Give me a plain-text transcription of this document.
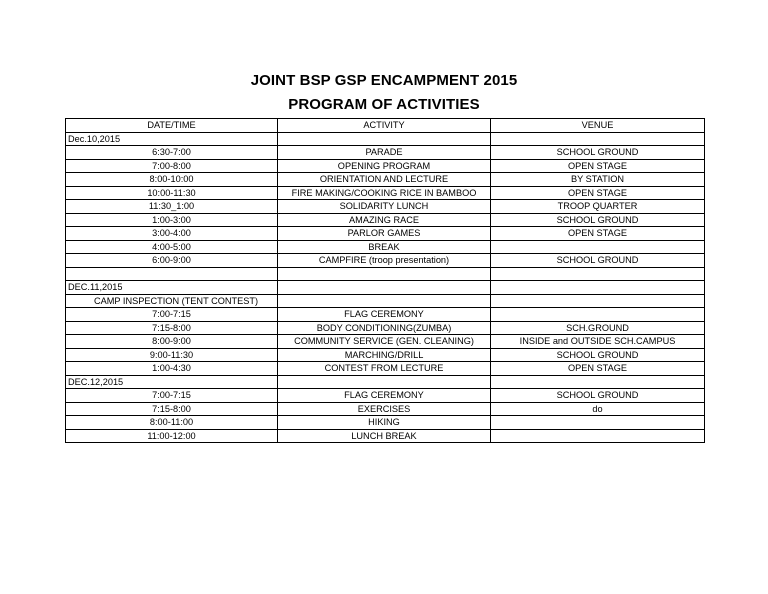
JOINT BSP GSP ENCAMPMENT 2015
PROGRAM OF ACTIVITIES
DATE/TIME	ACTIVITY	VENUE
Dec.10,2015		
6:30-7:00	PARADE	SCHOOL GROUND
7:00-8:00	OPENING PROGRAM	OPEN STAGE
8:00-10:00	ORIENTATION AND LECTURE	BY STATION
10:00-11:30	FIRE MAKING/COOKING RICE IN BAMBOO	OPEN STAGE
11:30_1:00	SOLIDARITY LUNCH	TROOP QUARTER
1:00-3:00	AMAZING RACE	SCHOOL GROUND
3:00-4:00	PARLOR GAMES	OPEN STAGE
4:00-5:00	BREAK	
6:00-9:00	CAMPFIRE (troop presentation)	SCHOOL GROUND

DEC.11,2015		
CAMP INSPECTION (TENT CONTEST)		
7:00-7:15	FLAG CEREMONY	
7:15-8:00	BODY CONDITIONING(ZUMBA)	SCH.GROUND
8:00-9:00	COMMUNITY SERVICE (GEN. CLEANING)	INSIDE and OUTSIDE SCH.CAMPUS
9:00-11:30	MARCHING/DRILL	SCHOOL GROUND
1:00-4:30	CONTEST FROM LECTURE	OPEN STAGE
DEC.12,2015		
7:00-7:15	FLAG CEREMONY	SCHOOL GROUND
7:15-8:00	EXERCISES	do
8:00-11:00	HIKING	
11:00-12:00	LUNCH BREAK	
